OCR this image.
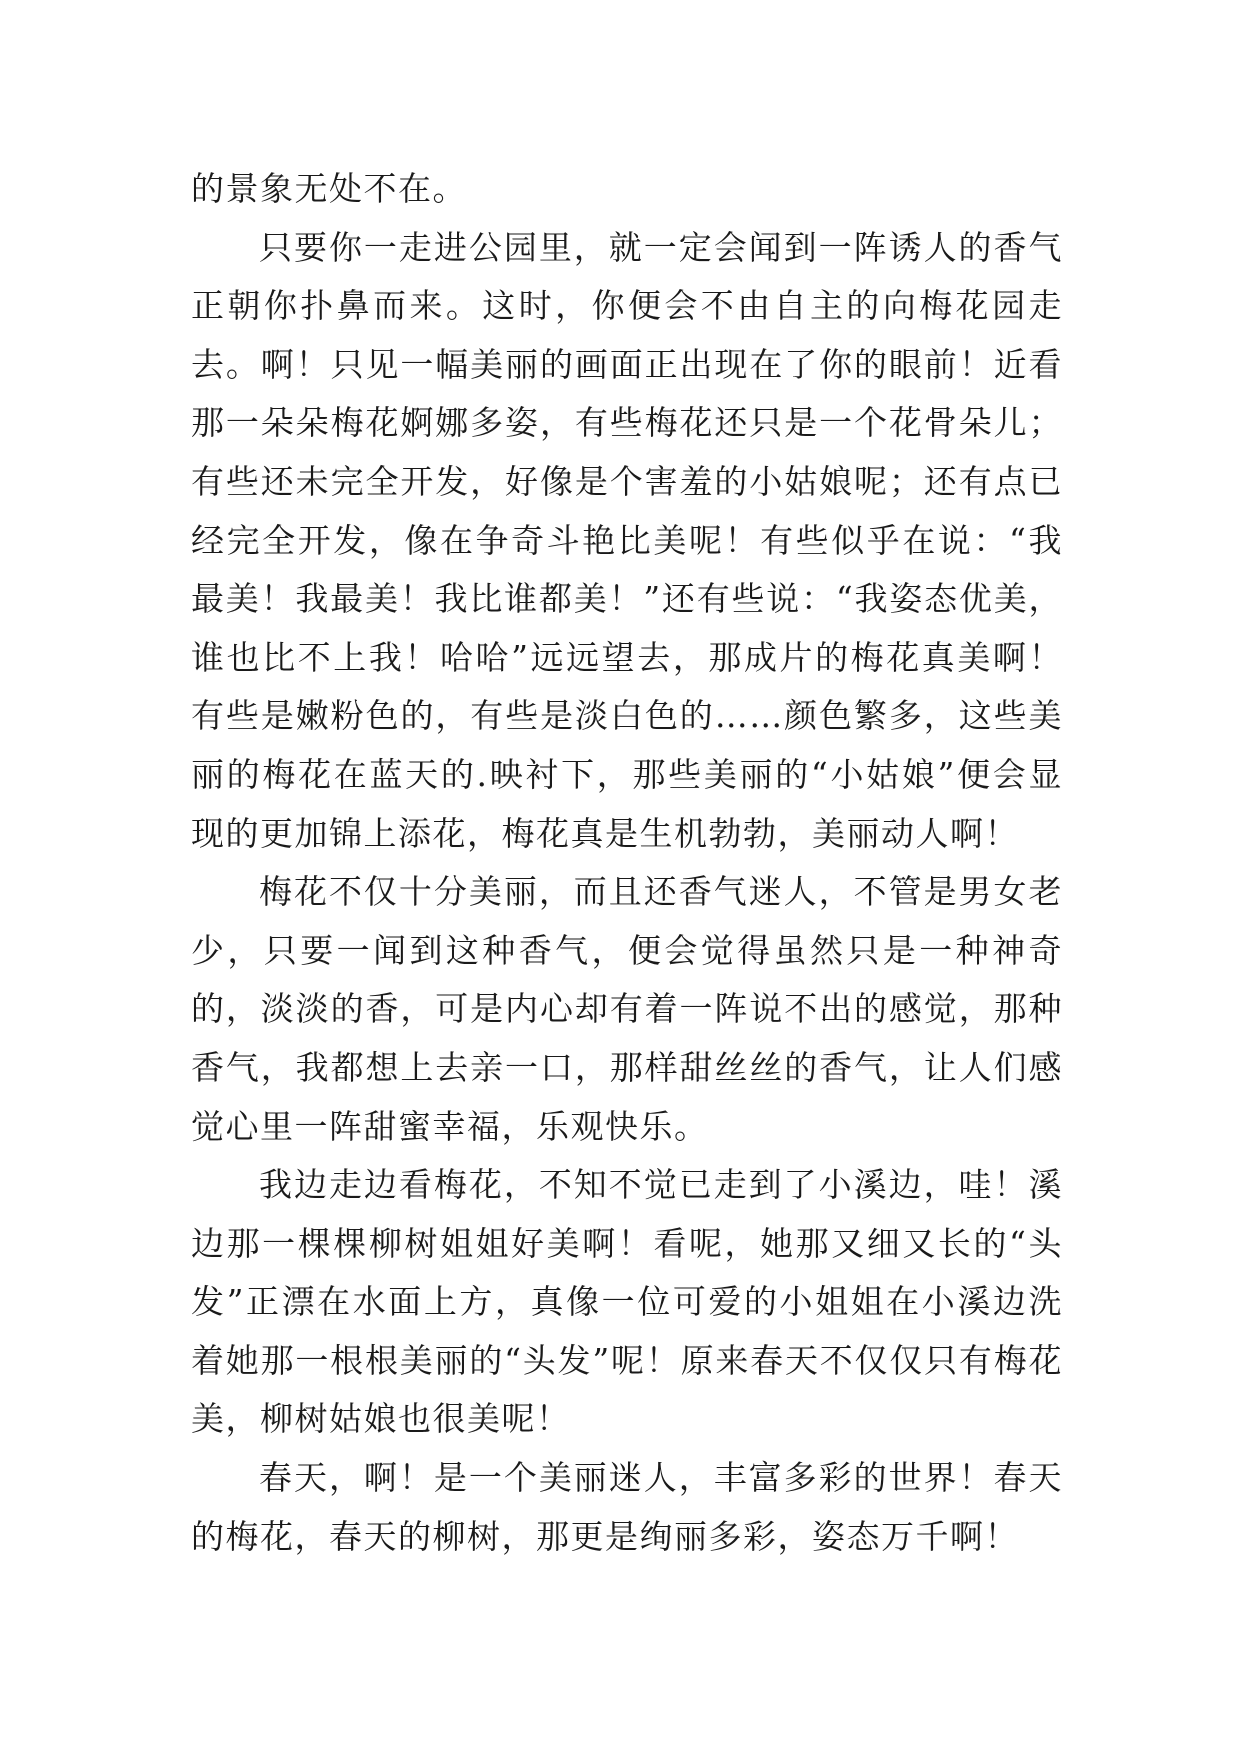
的景象无处不在。

只要你一走进公园里，就一定会闻到一阵诱人的香气正朝你扑鼻而来。这时，你便会不由自主的向梅花园走去。啊！只见一幅美丽的画面正出现在了你的眼前！近看那一朵朵梅花婀娜多姿，有些梅花还只是一个花骨朵儿；有些还未完全开发，好像是个害羞的小姑娘呢；还有点已经完全开发，像在争奇斗艳比美呢！有些似乎在说：“我最美！我最美！我比谁都美！”还有些说：“我姿态优美，谁也比不上我！哈哈”远远望去，那成片的梅花真美啊！有些是嫩粉色的，有些是淡白色的……颜色繁多，这些美丽的梅花在蓝天的.映衬下，那些美丽的“小姑娘”便会显现的更加锦上添花，梅花真是生机勃勃，美丽动人啊！

梅花不仅十分美丽，而且还香气迷人，不管是男女老少，只要一闻到这种香气，便会觉得虽然只是一种神奇的，淡淡的香，可是内心却有着一阵说不出的感觉，那种香气，我都想上去亲一口，那样甜丝丝的香气，让人们感觉心里一阵甜蜜幸福，乐观快乐。

我边走边看梅花，不知不觉已走到了小溪边，哇！溪边那一棵棵柳树姐姐好美啊！看呢，她那又细又长的“头发”正漂在水面上方，真像一位可爱的小姐姐在小溪边洗着她那一根根美丽的“头发”呢！原来春天不仅仅只有梅花美，柳树姑娘也很美呢！

春天，啊！是一个美丽迷人，丰富多彩的世界！春天的梅花，春天的柳树，那更是绚丽多彩，姿态万千啊！
